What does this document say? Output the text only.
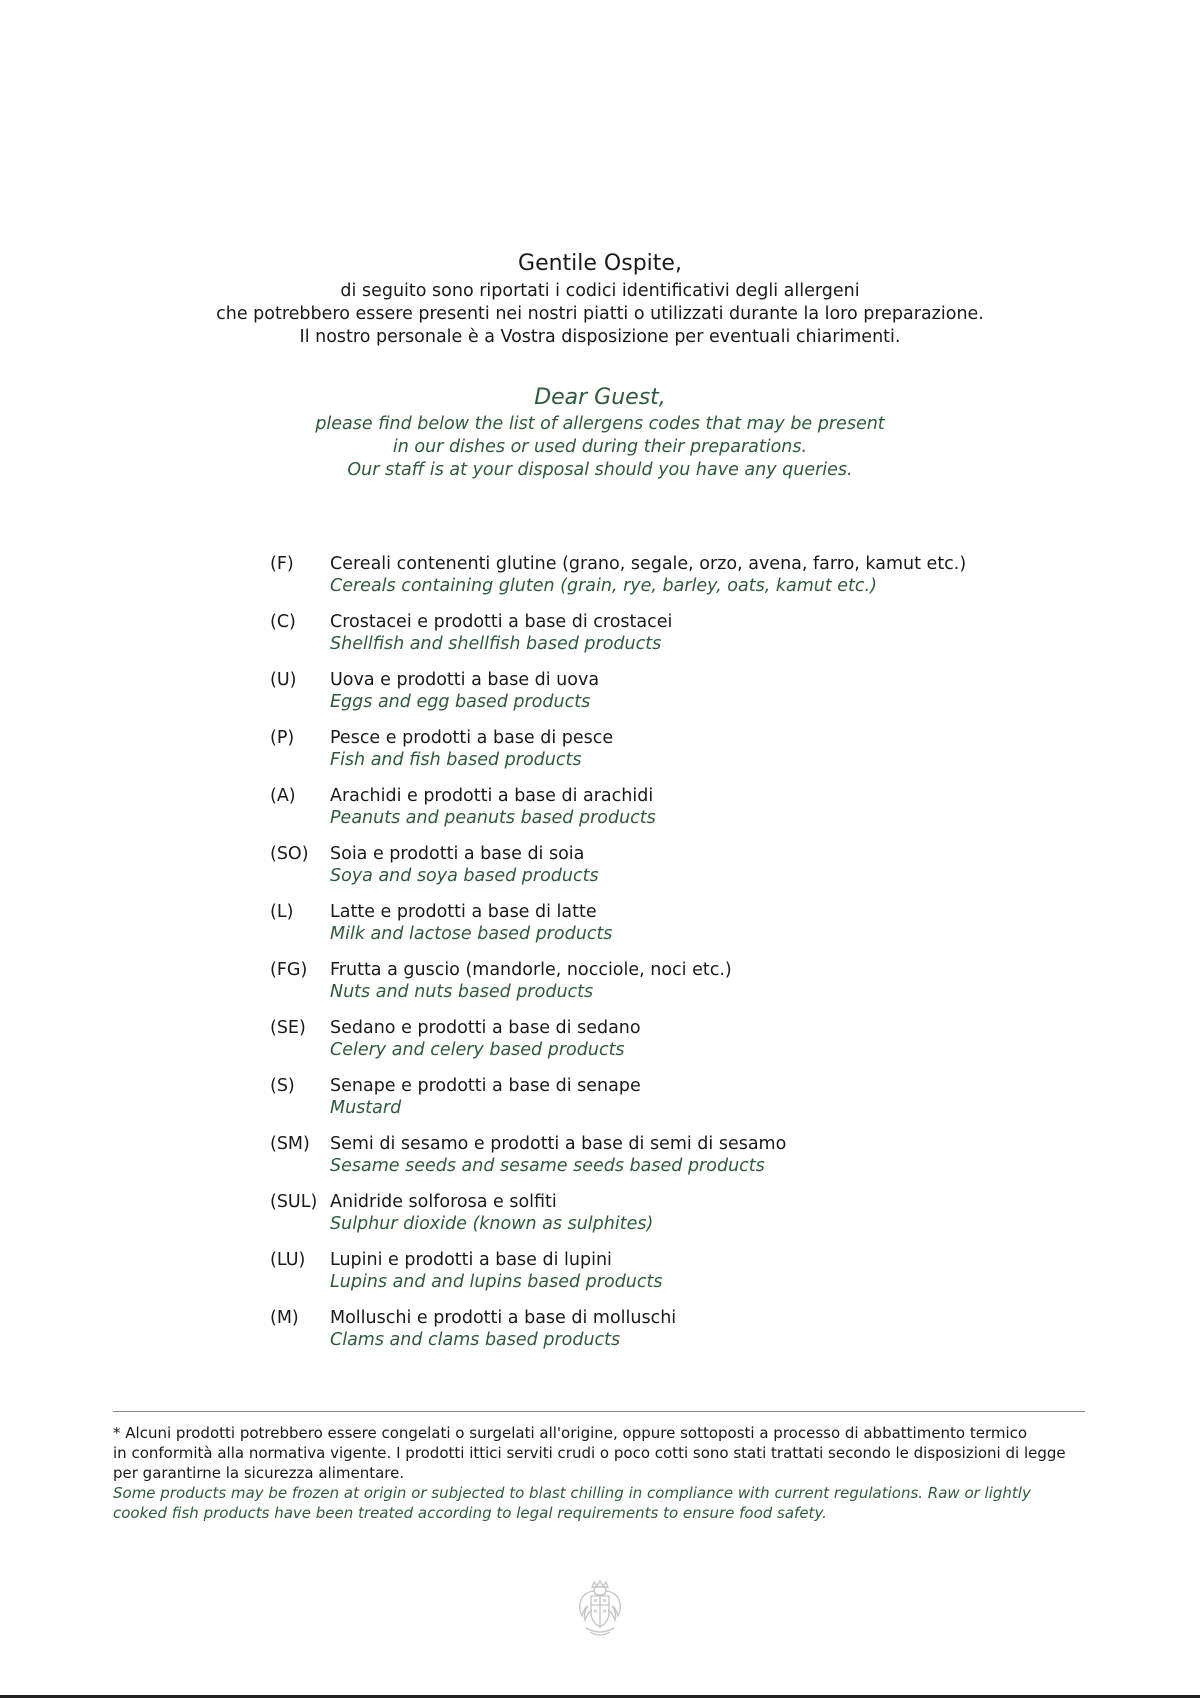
Gentile Ospite,
di seguito sono riportati i codici identificativi degli allergeni
che potrebbero essere presenti nei nostri piatti o utilizzati durante la loro preparazione.
Il nostro personale è a Vostra disposizione per eventuali chiarimenti.
Dear Guest,
please find below the list of allergens codes that may be present
in our dishes or used during their preparations.
Our staff is at your disposal should you have any queries.
(F) Cereali contenenti glutine (grano, segale, orzo, avena, farro, kamut etc.)
Cereals containing gluten (grain, rye, barley, oats, kamut etc.)
(C) Crostacei e prodotti a base di crostacei
Shellfish and shellfish based products
(U) Uova e prodotti a base di uova
Eggs and egg based products
(P) Pesce e prodotti a base di pesce
Fish and fish based products
(A) Arachidi e prodotti a base di arachidi
Peanuts and peanuts based products
(SO) Soia e prodotti a base di soia
Soya and soya based products
(L) Latte e prodotti a base di latte
Milk and lactose based products
(FG) Frutta a guscio (mandorle, nocciole, noci etc.)
Nuts and nuts based products
(SE) Sedano e prodotti a base di sedano
Celery and celery based products
(S) Senape e prodotti a base di senape
Mustard
(SM) Semi di sesamo e prodotti a base di semi di sesamo
Sesame seeds and sesame seeds based products
(SUL) Anidride solforosa e solfiti
Sulphur dioxide (known as sulphites)
(LU) Lupini e prodotti a base di lupini
Lupins and and lupins based products
(M) Molluschi e prodotti a base di molluschi
Clams and clams based products
* Alcuni prodotti potrebbero essere congelati o surgelati all'origine, oppure sottoposti a processo di abbattimento termico
in conformità alla normativa vigente. I prodotti ittici serviti crudi o poco cotti sono stati trattati secondo le disposizioni di legge
per garantirne la sicurezza alimentare.
Some products may be frozen at origin or subjected to blast chilling in compliance with current regulations. Raw or lightly
cooked fish products have been treated according to legal requirements to ensure food safety.
